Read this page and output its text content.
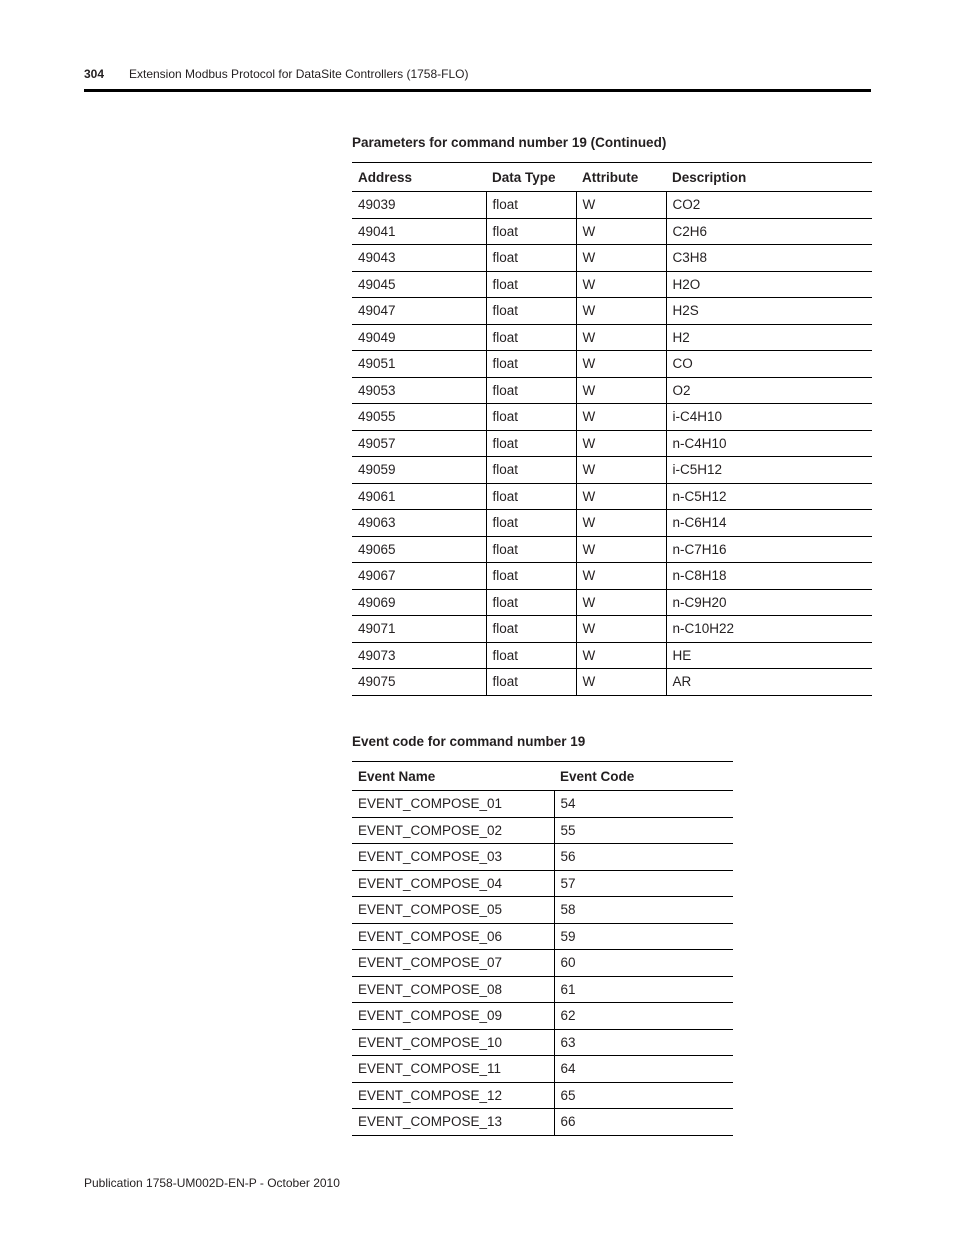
304 Extension Modbus Protocol for DataSite Controllers (1758-FLO)
Parameters for command number 19 (Continued)
Address	Data Type	Attribute	Description
49039	float	W	CO2
49041	float	W	C2H6
49043	float	W	C3H8
49045	float	W	H2O
49047	float	W	H2S
49049	float	W	H2
49051	float	W	CO
49053	float	W	O2
49055	float	W	i-C4H10
49057	float	W	n-C4H10
49059	float	W	i-C5H12
49061	float	W	n-C5H12
49063	float	W	n-C6H14
49065	float	W	n-C7H16
49067	float	W	n-C8H18
49069	float	W	n-C9H20
49071	float	W	n-C10H22
49073	float	W	HE
49075	float	W	AR
Event code for command number 19
Event Name	Event Code
EVENT_COMPOSE_01	54
EVENT_COMPOSE_02	55
EVENT_COMPOSE_03	56
EVENT_COMPOSE_04	57
EVENT_COMPOSE_05	58
EVENT_COMPOSE_06	59
EVENT_COMPOSE_07	60
EVENT_COMPOSE_08	61
EVENT_COMPOSE_09	62
EVENT_COMPOSE_10	63
EVENT_COMPOSE_11	64
EVENT_COMPOSE_12	65
EVENT_COMPOSE_13	66
Publication 1758-UM002D-EN-P - October 2010
